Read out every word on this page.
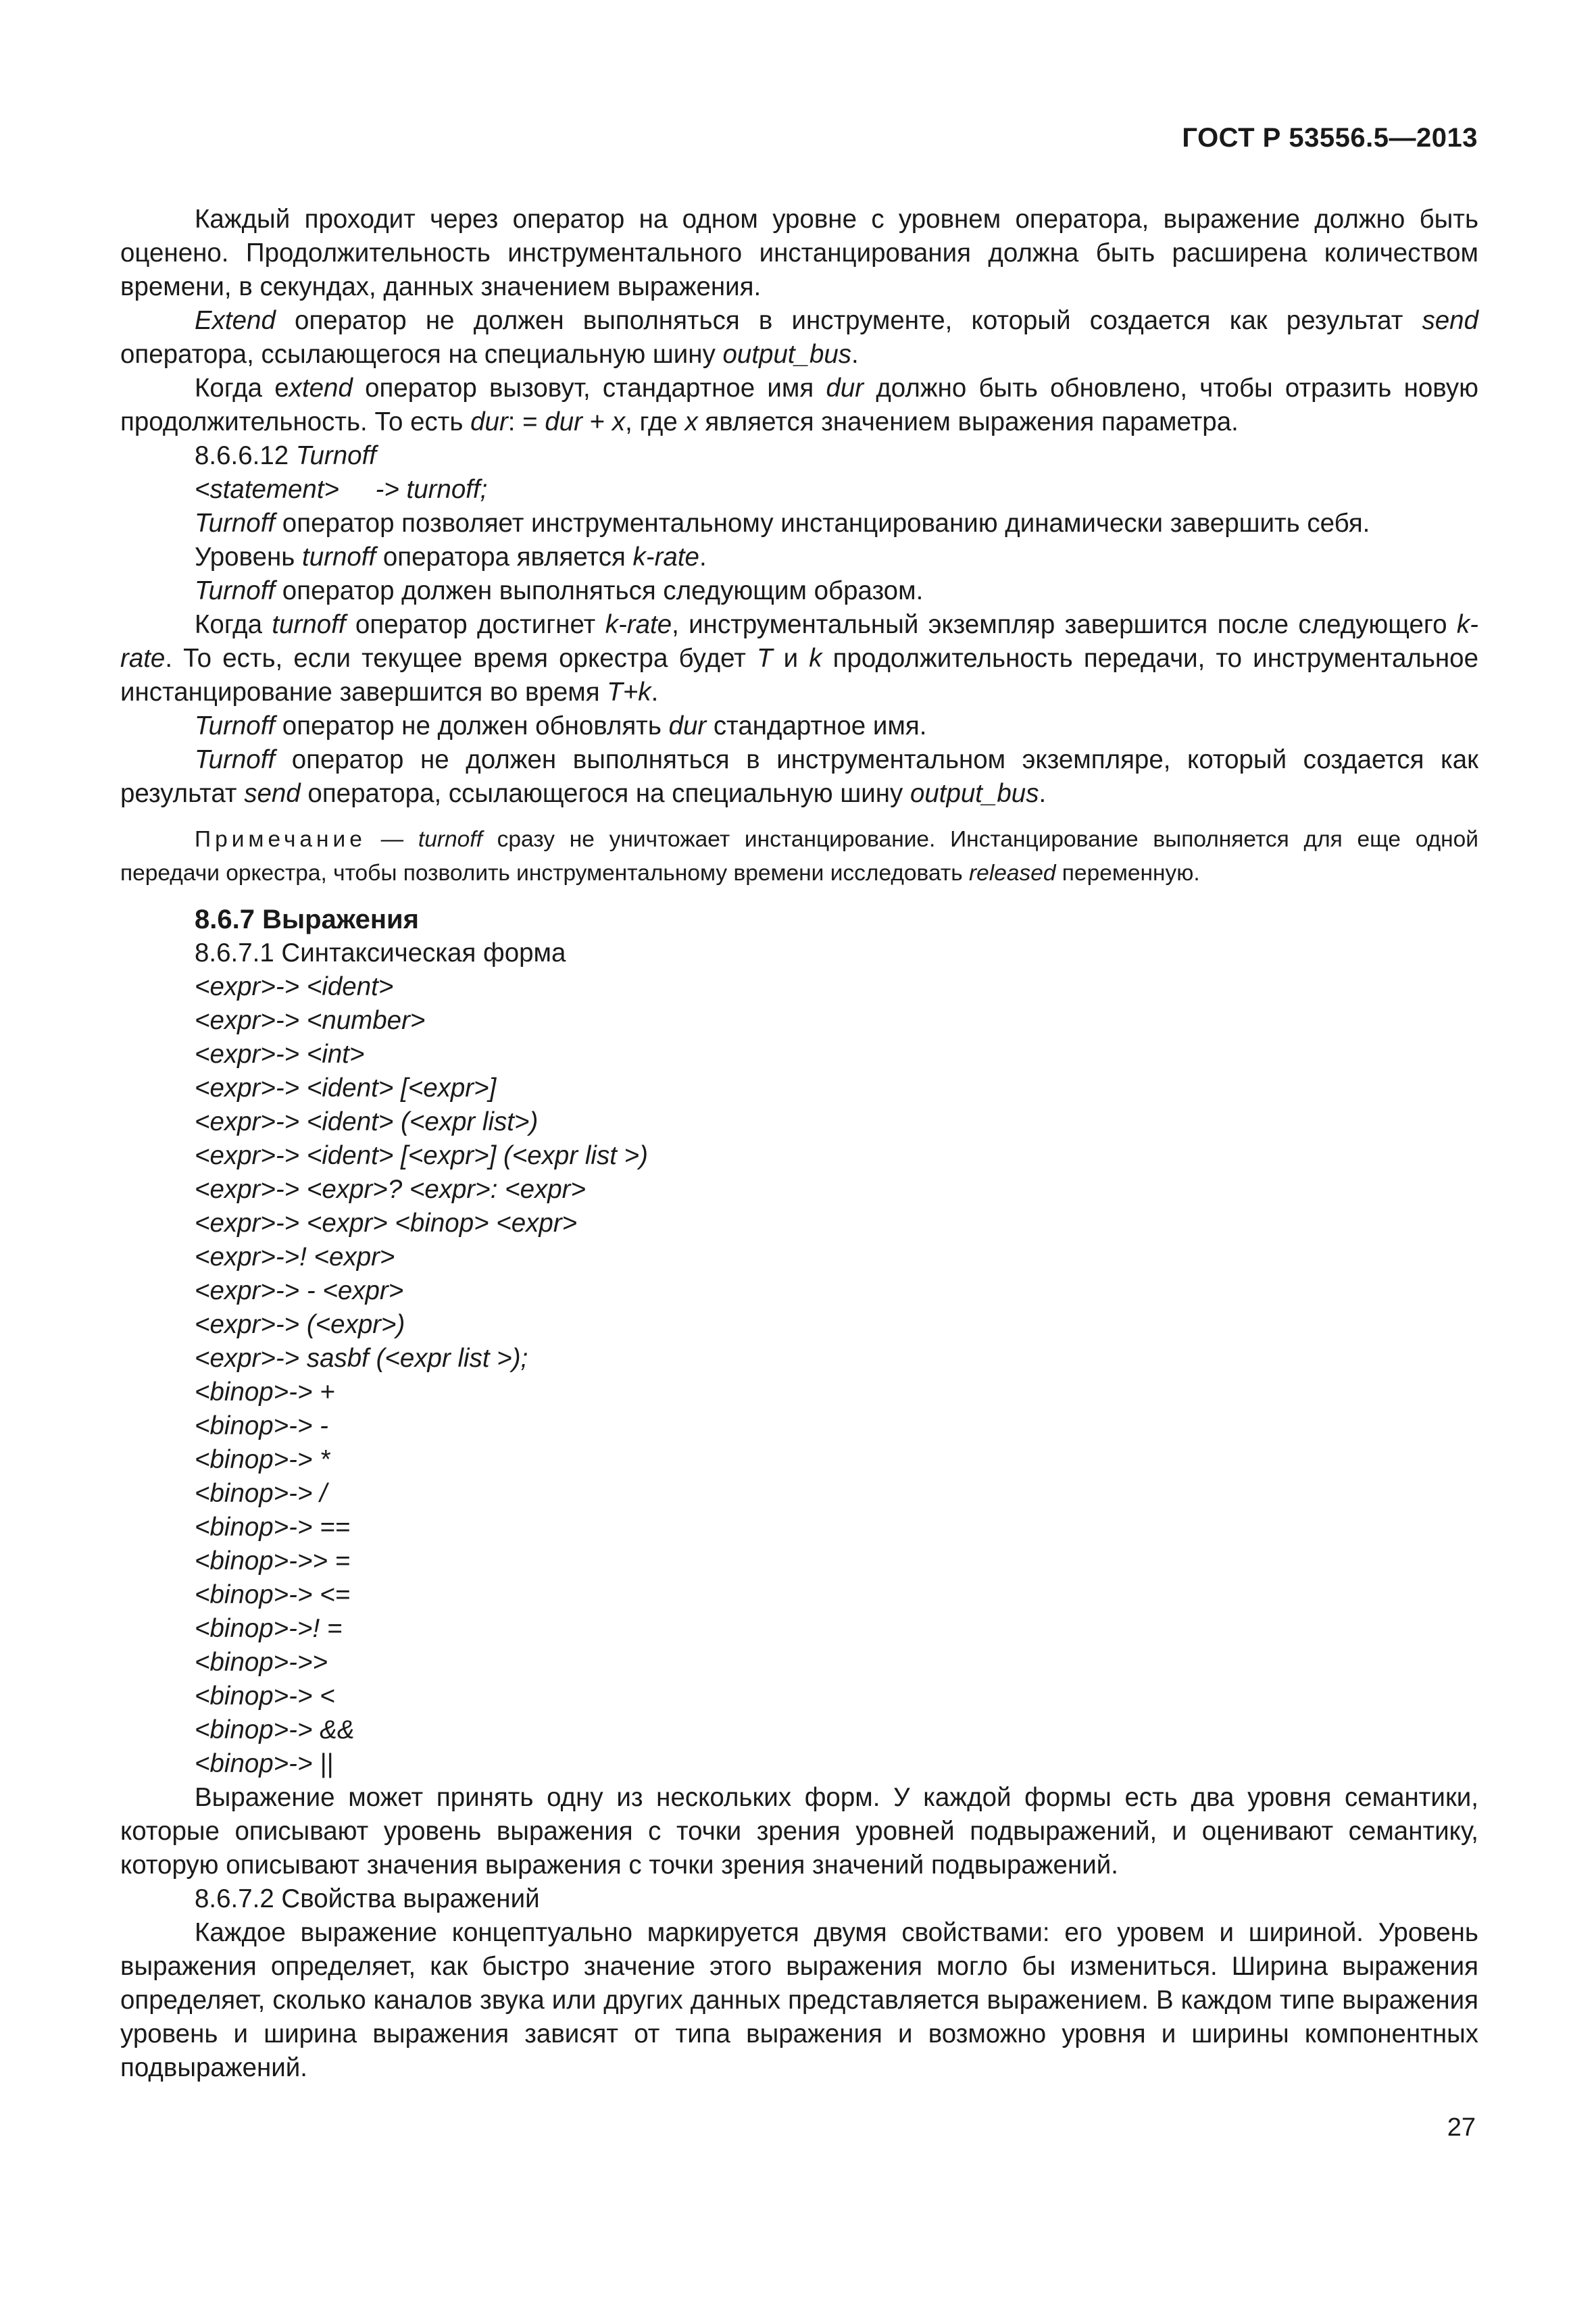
ГОСТ Р 53556.5—2013

Каждый проходит через оператор на одном уровне с уровнем оператора, выражение должно быть оценено. Продолжительность инструментального инстанцирования должна быть расширена количеством времени, в секундах, данных значением выражения.

Extend оператор не должен выполняться в инструменте, который создается как результат send оператора, ссылающегося на специальную шину output_bus.

Когда extend оператор вызовут, стандартное имя dur должно быть обновлено, чтобы отразить новую продолжительность. То есть dur: = dur + x, где x является значением выражения параметра.

8.6.6.12 Turnoff

<statement>     -> turnoff;

Turnoff оператор позволяет инструментальному инстанцированию динамически завершить себя.

Уровень turnoff оператора является k-rate.

Turnoff оператор должен выполняться следующим образом.

Когда turnoff оператор достигнет k-rate, инструментальный экземпляр завершится после следующего k-rate. То есть, если текущее время оркестра будет T и k продолжительность передачи, то инструментальное инстанцирование завершится во время T+k.

Turnoff оператор не должен обновлять dur стандартное имя.

Turnoff оператор не должен выполняться в инструментальном экземпляре, который создается как результат send оператора, ссылающегося на специальную шину output_bus.

Примечание — turnoff сразу не уничтожает инстанцирование. Инстанцирование выполняется для еще одной передачи оркестра, чтобы позволить инструментальному времени исследовать released переменную.

8.6.7 Выражения

8.6.7.1 Синтаксическая форма

<expr>-> <ident>

<expr>-> <number>

<expr>-> <int>

<expr>-> <ident> [<expr>]

<expr>-> <ident> (<expr list>)

<expr>-> <ident> [<expr>] (<expr list >)

<expr>-> <expr>? <expr>: <expr>

<expr>-> <expr> <binop> <expr>

<expr>->! <expr>

<expr>-> - <expr>

<expr>-> (<expr>)

<expr>-> sasbf (<expr list >);

<binop>-> +

<binop>-> -

<binop>-> *

<binop>-> /

<binop>-> ==

<binop>->> =

<binop>-> <=

<binop>->! =

<binop>->>

<binop>-> <

<binop>-> &&

<binop>-> ||

Выражение может принять одну из нескольких форм. У каждой формы есть два уровня семантики, которые описывают уровень выражения с точки зрения уровней подвыражений, и оценивают семантику, которую описывают значения выражения с точки зрения значений подвыражений.

8.6.7.2 Свойства выражений

Каждое выражение концептуально маркируется двумя свойствами: его уровем и шириной. Уровень выражения определяет, как быстро значение этого выражения могло бы измениться. Ширина выражения определяет, сколько каналов звука или других данных представляется выражением. В каждом типе выражения уровень и ширина выражения зависят от типа выражения и возможно уровня и ширины компонентных подвыражений.

27
